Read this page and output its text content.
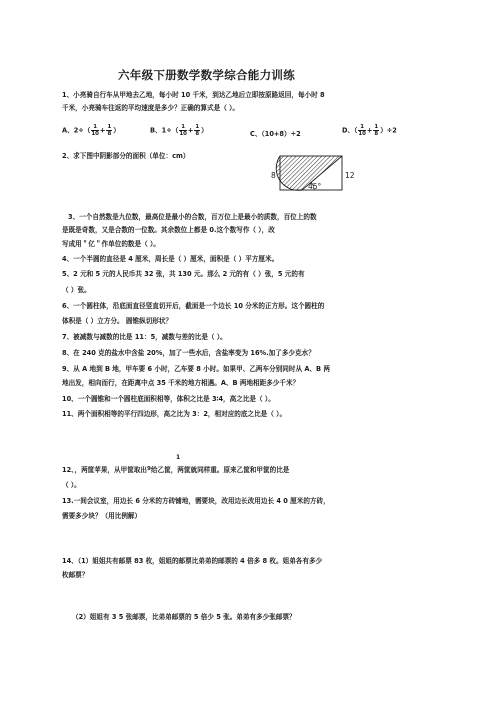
六年级下册数学数学综合能力训练
1、小亮骑自行车从甲地去乙地，每小时 10 千米，到达乙地后立即按原路返回，每小时 8
千米，小亮骑车往返的平均速度是多少？正确的算式是（ ）。
A、$2\div( \frac{1}{10} + \frac{1}{8}$ ）	B、$1\div( \frac{1}{10} + \frac{1}{8}$ ）	C、（10+8）÷2	D、（ $\frac{1}{10} + \frac{1}{8} )\div 2$
2、求下图中阴影部分的面积（单位：cm）
8	12
45°
3、一个自然数是九位数，最高位是最小的合数，百万位上是最小的质数，百位上的数
是既是奇数，又是合数的一位数。其余数位上都是 0.这个数写作（ ），改
写成用＂亿＂作单位的数是（ ）。
4、一个半圆的直径是 4 厘米，周长是（ ）厘米，面积是（ ）平方厘米。
5、2 元和 5 元的人民币共 32 张，共 130 元。那么 2 元的有（ ）张，5 元的有
（ ）张。
6、一个圆柱体，沿底面直径竖直切开后，截面是一个边长 10 分米的正方形。这个圆柱的
体积是（ ）立方分。 圆锥纵切形状？
7、被减数与减数的比是 11：5，减数与差的比是（ ）。
8、在 240 克的盐水中含盐 20%，加了一些水后，含盐率变为 16%.加了多少克水？
9、从 A 地到 B 地，甲车要 6 小时，乙车要 8 小时。如果甲、乙两车分别同时从 A、B 两
地出发，相向而行，在距离中点 35 千米的地方相遇。A、B 两地相距多少千米？
10、一个圆锥和一个圆柱底面积相等，体积之比是 3∶4，高之比是（ ）。
11、两个面积相等的平行四边形，高之比为 3：2，相对应的底之比是（ ）。
1
12、，两筐苹果，从甲筐取出$^9$给乙筐，两筐就同样重。原来乙筐和甲筐的比是
（ ）。
13.一间会议室，用边长 6 分米的方砖铺地，需要块，改用边长改用边长 4 0 厘米的方砖，
需要多少块？（用比例解）
14、（1）姐姐共有邮票 83 枚，姐姐的邮票比弟弟的邮票的 4 倍多 8 枚。姐弟各有多少
枚邮票？
（2）姐姐有 3 5 张邮票，比弟弟邮票的 5 倍少 5 张。弟弟有多少张邮票？
